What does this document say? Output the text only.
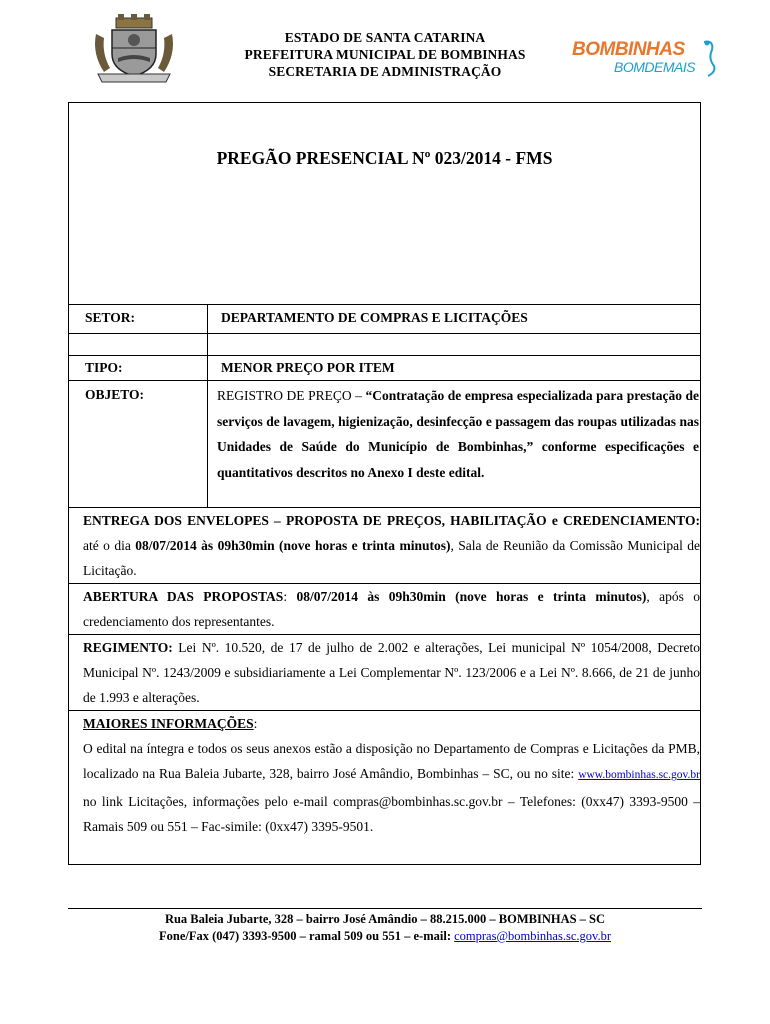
ESTADO DE SANTA CATARINA
PREFEITURA MUNICIPAL DE BOMBINHAS
SECRETARIA DE ADMINISTRAÇÃO
BOMBINHAS
BOMDEMAIS
PREGÃO PRESENCIAL Nº 023/2014 - FMS
SETOR:	DEPARTAMENTO DE COMPRAS E LICITAÇÕES
TIPO:	MENOR PREÇO POR ITEM
OBJETO:	REGISTRO DE PREÇO – “Contratação de empresa especializada para prestação de serviços de lavagem, higienização, desinfecção e passagem das roupas utilizadas nas Unidades de Saúde do Município de Bombinhas,” conforme especificações e quantitativos descritos no Anexo I deste edital.
ENTREGA DOS ENVELOPES – PROPOSTA DE PREÇOS, HABILITAÇÃO e CREDENCIAMENTO: até o dia 08/07/2014 às 09h30min (nove horas e trinta minutos), Sala de Reunião da Comissão Municipal de Licitação.
ABERTURA DAS PROPOSTAS: 08/07/2014 às 09h30min (nove horas e trinta minutos), após o credenciamento dos representantes.
REGIMENTO: Lei Nº. 10.520, de 17 de julho de 2.002 e alterações, Lei municipal Nº 1054/2008, Decreto Municipal Nº. 1243/2009 e subsidiariamente a Lei Complementar Nº. 123/2006 e a Lei Nº. 8.666, de 21 de junho de 1.993 e alterações.
MAIORES INFORMAÇÕES:
O edital na íntegra e todos os seus anexos estão a disposição no Departamento de Compras e Licitações da PMB, localizado na Rua Baleia Jubarte, 328, bairro José Amândio, Bombinhas – SC, ou no site: www.bombinhas.sc.gov.br no link Licitações, informações pelo e-mail compras@bombinhas.sc.gov.br – Telefones: (0xx47) 3393-9500 – Ramais 509 ou 551 – Fac-simile: (0xx47) 3395-9501.
Rua Baleia Jubarte, 328 – bairro José Amândio – 88.215.000 – BOMBINHAS – SC
Fone/Fax (047) 3393-9500 – ramal 509 ou 551 – e-mail: compras@bombinhas.sc.gov.br
